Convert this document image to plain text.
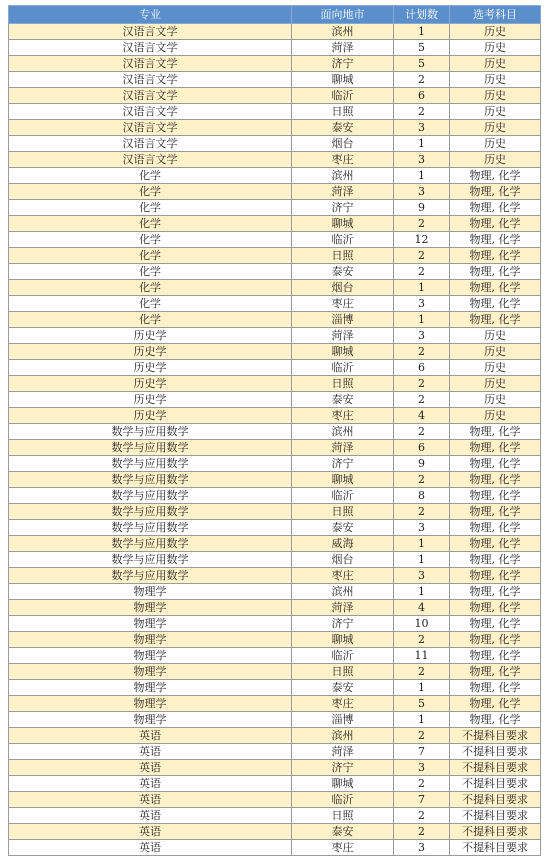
专业	面向地市	计划数	选考科目
汉语言文学	滨州	1	历史
汉语言文学	菏泽	5	历史
汉语言文学	济宁	5	历史
汉语言文学	聊城	2	历史
汉语言文学	临沂	6	历史
汉语言文学	日照	2	历史
汉语言文学	泰安	3	历史
汉语言文学	烟台	1	历史
汉语言文学	枣庄	3	历史
化学	滨州	1	物理, 化学
化学	菏泽	3	物理, 化学
化学	济宁	9	物理, 化学
化学	聊城	2	物理, 化学
化学	临沂	12	物理, 化学
化学	日照	2	物理, 化学
化学	泰安	2	物理, 化学
化学	烟台	1	物理, 化学
化学	枣庄	3	物理, 化学
化学	淄博	1	物理, 化学
历史学	菏泽	3	历史
历史学	聊城	2	历史
历史学	临沂	6	历史
历史学	日照	2	历史
历史学	泰安	2	历史
历史学	枣庄	4	历史
数学与应用数学	滨州	2	物理, 化学
数学与应用数学	菏泽	6	物理, 化学
数学与应用数学	济宁	9	物理, 化学
数学与应用数学	聊城	2	物理, 化学
数学与应用数学	临沂	8	物理, 化学
数学与应用数学	日照	2	物理, 化学
数学与应用数学	泰安	3	物理, 化学
数学与应用数学	威海	1	物理, 化学
数学与应用数学	烟台	1	物理, 化学
数学与应用数学	枣庄	3	物理, 化学
物理学	滨州	1	物理, 化学
物理学	菏泽	4	物理, 化学
物理学	济宁	10	物理, 化学
物理学	聊城	2	物理, 化学
物理学	临沂	11	物理, 化学
物理学	日照	2	物理, 化学
物理学	泰安	1	物理, 化学
物理学	枣庄	5	物理, 化学
物理学	淄博	1	物理, 化学
英语	滨州	2	不提科目要求
英语	菏泽	7	不提科目要求
英语	济宁	3	不提科目要求
英语	聊城	2	不提科目要求
英语	临沂	7	不提科目要求
英语	日照	2	不提科目要求
英语	泰安	2	不提科目要求
英语	枣庄	3	不提科目要求
